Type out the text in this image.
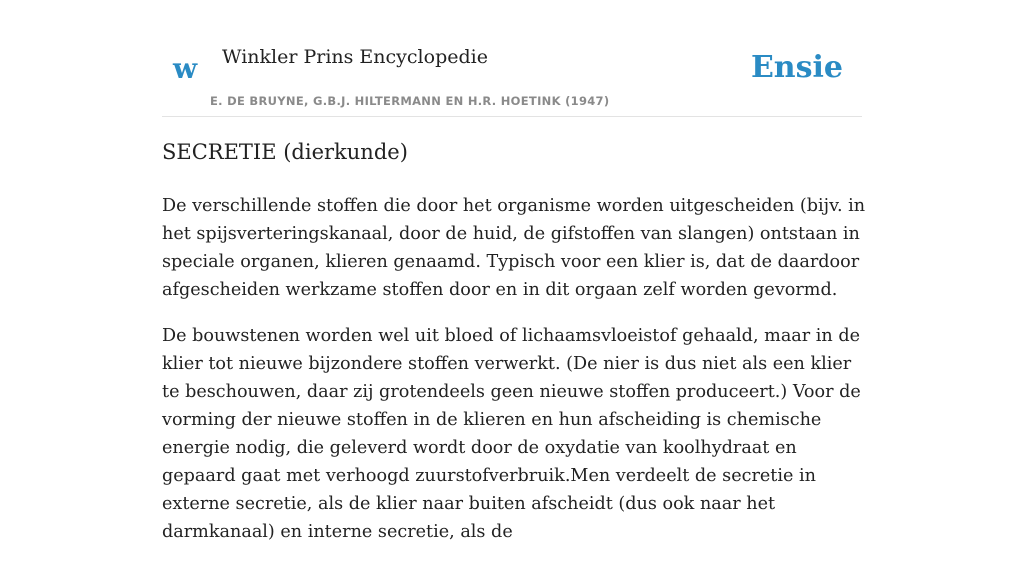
w Winkler Prins Encyclopedie
E. DE BRUYNE, G.B.J. HILTERMANN EN H.R. HOETINK (1947)
Ensie
SECRETIE (dierkunde)

De verschillende stoffen die door het organisme worden uitgescheiden (bijv. in het spijsverteringskanaal, door de huid, de gifstoffen van slangen) ontstaan in speciale organen, klieren genaamd. Typisch voor een klier is, dat de daardoor afgescheiden werkzame stoffen door en in dit orgaan zelf worden gevormd.

De bouwstenen worden wel uit bloed of lichaamsvloeistof gehaald, maar in de klier tot nieuwe bijzondere stoffen verwerkt. (De nier is dus niet als een klier te beschouwen, daar zij grotendeels geen nieuwe stoffen produceert.) Voor de vorming der nieuwe stoffen in de klieren en hun afscheiding is chemische energie nodig, die geleverd wordt door de oxydatie van koolhydraat en gepaard gaat met verhoogd zuurstofverbruik.Men verdeelt de secretie in externe secretie, als de klier naar buiten afscheidt (dus ook naar het darmkanaal) en interne secretie, als de
